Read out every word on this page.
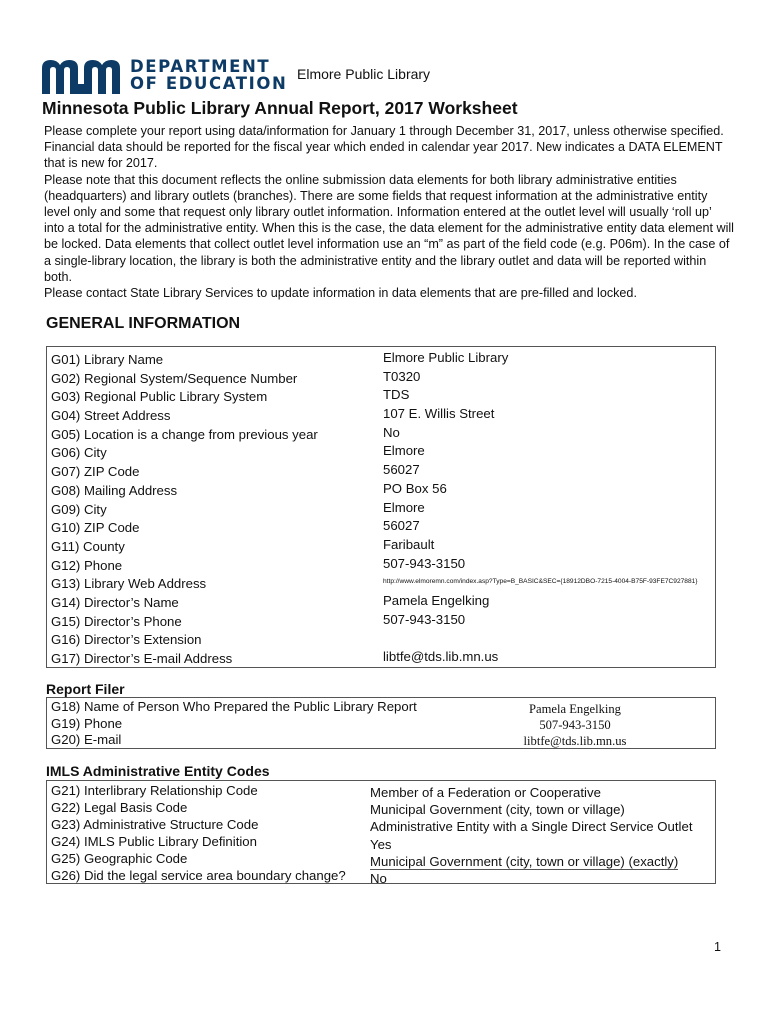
DEPARTMENT
OF EDUCATION Elmore Public Library
Minnesota Public Library Annual Report, 2017 Worksheet

Please complete your report using data/information for January 1 through December 31, 2017, unless otherwise specified. Financial data should be reported for the fiscal year which ended in calendar year 2017. New indicates a DATA ELEMENT that is new for 2017.

Please note that this document reflects the online submission data elements for both library administrative entities (headquarters) and library outlets (branches). There are some fields that request information at the administrative entity level only and some that request only library outlet information. Information entered at the outlet level will usually ‘roll up’ into a total for the administrative entity. When this is the case, the data element for the administrative entity data element will be locked. Data elements that collect outlet level information use an “m” as part of the field code (e.g. P06m). In the case of a single-library location, the library is both the administrative entity and the library outlet and data will be reported within both.

Please contact State Library Services to update information in data elements that are pre-filled and locked.

GENERAL INFORMATION
G01) Library Name
G02) Regional System/Sequence Number
G03) Regional Public Library System
G04) Street Address
G05) Location is a change from previous year
G06) City
G07) ZIP Code
G08) Mailing Address
G09) City
G10) ZIP Code
G11) County
G12) Phone
G13) Library Web Address
G14) Director’s Name
G15) Director’s Phone
G16) Director’s Extension
G17) Director’s E-mail Address
Elmore Public Library
T0320
TDS
107 E. Willis Street
No
Elmore
56027
PO Box 56
Elmore
56027
Faribault
507-943-3150
http://www.elmoremn.com/index.asp?Type=B_BASIC&SEC={18912DBO-7215-4004-B75F-93FE7C927881}
Pamela Engelking
507-943-3150
libtfe@tds.lib.mn.us
Report Filer
G18) Name of Person Who Prepared the Public Library Report
G19) Phone
G20) E-mail
Pamela Engelking
507-943-3150
libtfe@tds.lib.mn.us
IMLS Administrative Entity Codes
G21) Interlibrary Relationship Code
G22) Legal Basis Code
G23) Administrative Structure Code
G24) IMLS Public Library Definition
G25) Geographic Code
G26) Did the legal service area boundary change?
Member of a Federation or Cooperative
Municipal Government (city, town or village)
Administrative Entity with a Single Direct Service Outlet
Yes
Municipal Government (city, town or village) (exactly)
No
1
